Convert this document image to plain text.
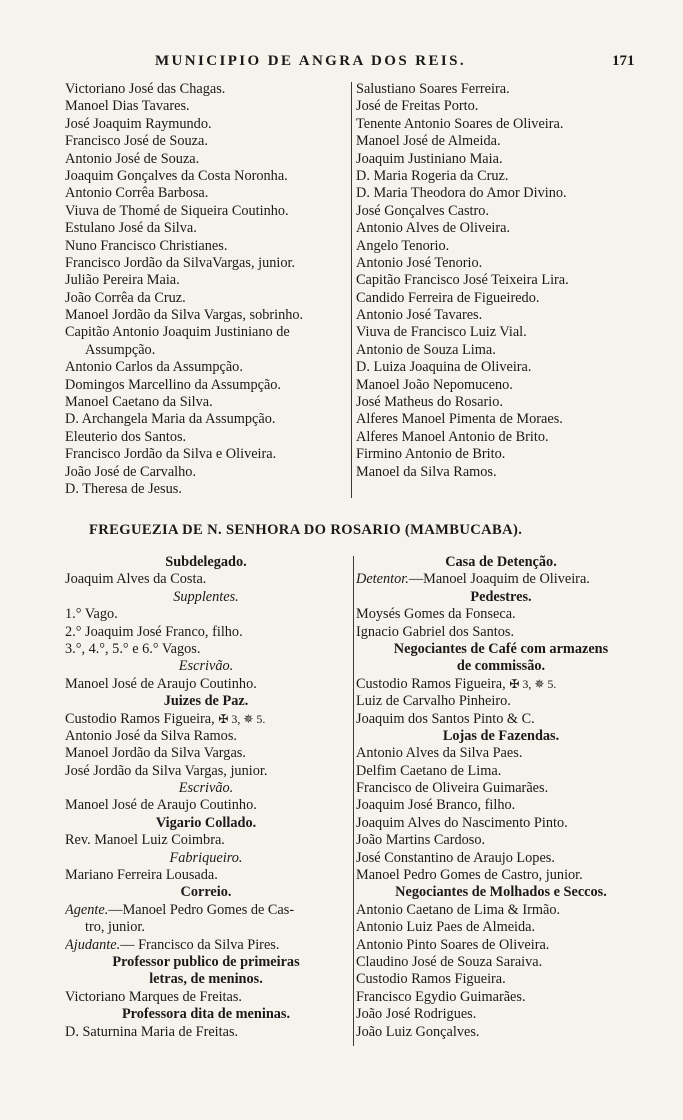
MUNICIPIO DE ANGRA DOS REIS.	171
Victoriano José das Chagas.
Manoel Dias Tavares.
José Joaquim Raymundo.
Francisco José de Souza.
Antonio José de Souza.
Joaquim Gonçalves da Costa Noronha.
Antonio Corrêa Barbosa.
Viuva de Thomé de Siqueira Coutinho.
Estulano José da Silva.
Nuno Francisco Christianes.
Francisco Jordão da SilvaVargas, junior.
Julião Pereira Maia.
João Corrêa da Cruz.
Manoel Jordão da Silva Vargas, sobrinho.
Capitão Antonio Joaquim Justiniano de
Assumpção.
Antonio Carlos da Assumpção.
Domingos Marcellino da Assumpção.
Manoel Caetano da Silva.
D. Archangela Maria da Assumpção.
Eleuterio dos Santos.
Francisco Jordão da Silva e Oliveira.
João José de Carvalho.
D. Theresa de Jesus.
Salustiano Soares Ferreira.
José de Freitas Porto.
Tenente Antonio Soares de Oliveira.
Manoel José de Almeida.
Joaquim Justiniano Maia.
D. Maria Rogeria da Cruz.
D. Maria Theodora do Amor Divino.
José Gonçalves Castro.
Antonio Alves de Oliveira.
Angelo Tenorio.
Antonio José Tenorio.
Capitão Francisco José Teixeira Lira.
Candido Ferreira de Figueiredo.
Antonio José Tavares.
Viuva de Francisco Luiz Vial.
Antonio de Souza Lima.
D. Luiza Joaquina de Oliveira.
Manoel João Nepomuceno.
José Matheus do Rosario.
Alferes Manoel Pimenta de Moraes.
Alferes Manoel Antonio de Brito.
Firmino Antonio de Brito.
Manoel da Silva Ramos.
FREGUEZIA DE N. SENHORA DO ROSARIO (MAMBUCABA).
Subdelegado.
Joaquim Alves da Costa.
Supplentes.
1.° Vago.
2.° Joaquim José Franco, filho.
3.°, 4.°, 5.° e 6.° Vagos.
Escrivão.
Manoel José de Araujo Coutinho.
Juizes de Paz.
Custodio Ramos Figueira, ✠ 3, ✵ 5.
Antonio José da Silva Ramos.
Manoel Jordão da Silva Vargas.
José Jordão da Silva Vargas, junior.
Escrivão.
Manoel José de Araujo Coutinho.
Vigario Collado.
Rev. Manoel Luiz Coimbra.
Fabriqueiro.
Mariano Ferreira Lousada.
Correio.
Agente.—Manoel Pedro Gomes de Cas-
tro, junior.
Ajudante.— Francisco da Silva Pires.
Professor publico de primeiras
letras, de meninos.
Victoriano Marques de Freitas.
Professora dita de meninas.
D. Saturnina Maria de Freitas.
Casa de Detenção.
Detentor.—Manoel Joaquim de Oliveira.
Pedestres.
Moysés Gomes da Fonseca.
Ignacio Gabriel dos Santos.
Negociantes de Café com armazens
de commissão.
Custodio Ramos Figueira, ✠ 3, ✵ 5.
Luiz de Carvalho Pinheiro.
Joaquim dos Santos Pinto & C.
Lojas de Fazendas.
Antonio Alves da Silva Paes.
Delfim Caetano de Lima.
Francisco de Oliveira Guimarães.
Joaquim José Branco, filho.
Joaquim Alves do Nascimento Pinto.
João Martins Cardoso.
José Constantino de Araujo Lopes.
Manoel Pedro Gomes de Castro, junior.
Negociantes de Molhados e Seccos.
Antonio Caetano de Lima & Irmão.
Antonio Luiz Paes de Almeida.
Antonio Pinto Soares de Oliveira.
Claudino José de Souza Saraiva.
Custodio Ramos Figueira.
Francisco Egydio Guimarães.
João José Rodrigues.
João Luiz Gonçalves.
